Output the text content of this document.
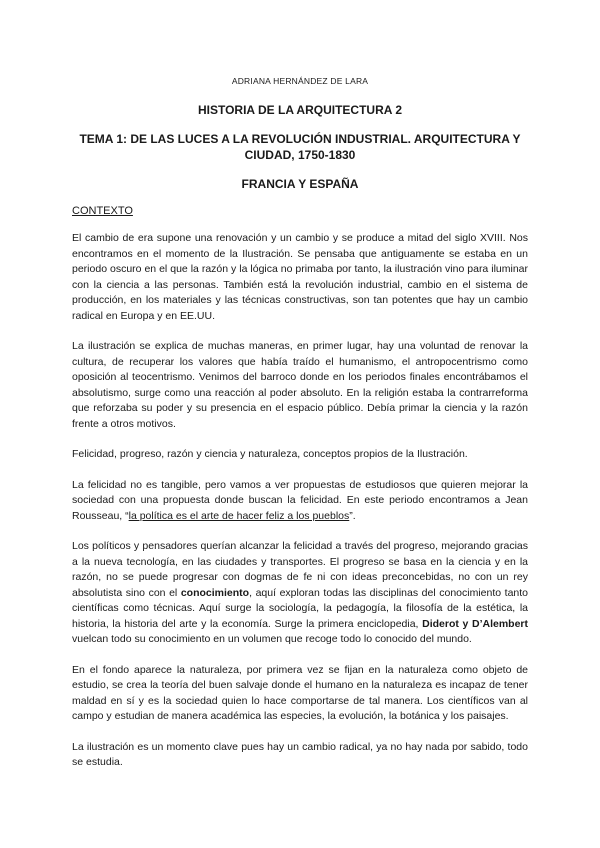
ADRIANA HERNÁNDEZ DE LARA
HISTORIA DE LA ARQUITECTURA 2
TEMA 1: DE LAS LUCES A LA REVOLUCIÓN INDUSTRIAL. ARQUITECTURA Y CIUDAD, 1750-1830
FRANCIA Y ESPAÑA
CONTEXTO

El cambio de era supone una renovación y un cambio y se produce a mitad del siglo XVIII. Nos encontramos en el momento de la Ilustración. Se pensaba que antiguamente se estaba en un periodo oscuro en el que la razón y la lógica no primaba por tanto, la ilustración vino para iluminar con la ciencia a las personas. También está la revolución industrial, cambio en el sistema de producción, en los materiales y las técnicas constructivas, son tan potentes que hay un cambio radical en Europa y en EE.UU.

La ilustración se explica de muchas maneras, en primer lugar, hay una voluntad de renovar la cultura, de recuperar los valores que había traído el humanismo, el antropocentrismo como oposición al teocentrismo. Venimos del barroco donde en los periodos finales encontrábamos el absolutismo, surge como una reacción al poder absoluto. En la religión estaba la contrarreforma que reforzaba su poder y su presencia en el espacio público. Debía primar la ciencia y la razón frente a otros motivos.

Felicidad, progreso, razón y ciencia y naturaleza, conceptos propios de la Ilustración.

La felicidad no es tangible, pero vamos a ver propuestas de estudiosos que quieren mejorar la sociedad con una propuesta donde buscan la felicidad. En este periodo encontramos a Jean Rousseau, “la política es el arte de hacer feliz a los pueblos”.

Los políticos y pensadores querían alcanzar la felicidad a través del progreso, mejorando gracias a la nueva tecnología, en las ciudades y transportes. El progreso se basa en la ciencia y en la razón, no se puede progresar con dogmas de fe ni con ideas preconcebidas, no con un rey absolutista sino con el conocimiento, aquí exploran todas las disciplinas del conocimiento tanto científicas como técnicas. Aquí surge la sociología, la pedagogía, la filosofía de la estética, la historia, la historia del arte y la economía. Surge la primera enciclopedia, Diderot y D’Alembert vuelcan todo su conocimiento en un volumen que recoge todo lo conocido del mundo.

En el fondo aparece la naturaleza, por primera vez se fijan en la naturaleza como objeto de estudio, se crea la teoría del buen salvaje donde el humano en la naturaleza es incapaz de tener maldad en sí y es la sociedad quien lo hace comportarse de tal manera. Los científicos van al campo y estudian de manera académica las especies, la evolución, la botánica y los paisajes.

La ilustración es un momento clave pues hay un cambio radical, ya no hay nada por sabido, todo se estudia.
